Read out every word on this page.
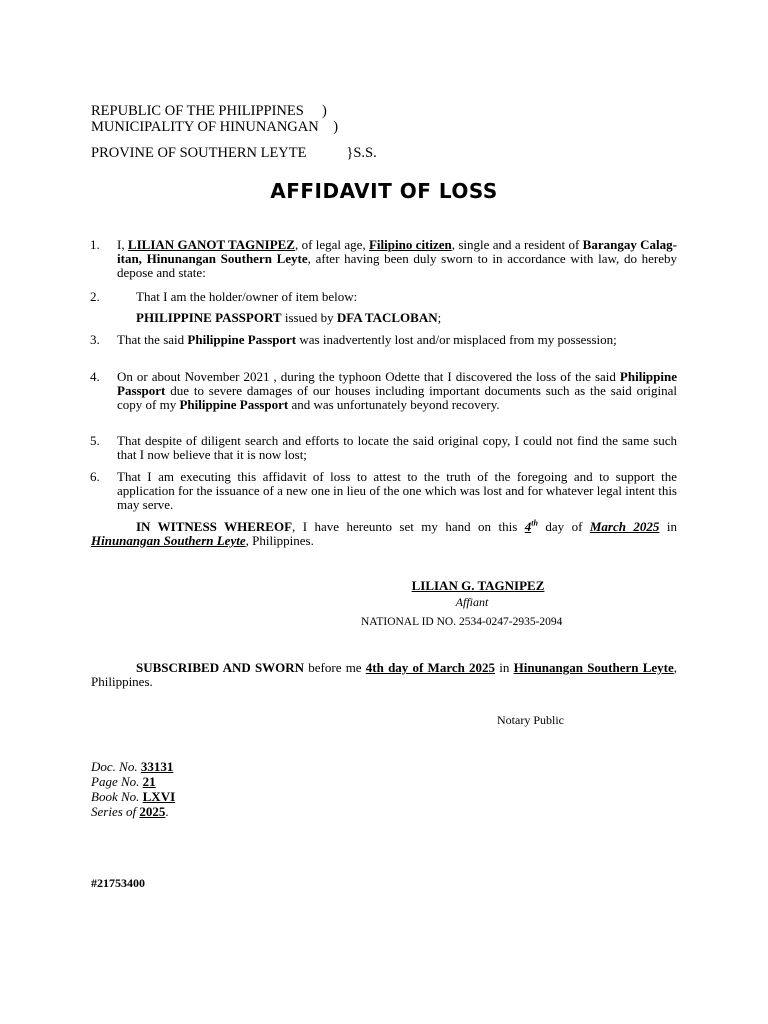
REPUBLIC OF THE PHILIPPINES     )
MUNICIPALITY OF HINUNANGAN    )
PROVINE OF SOUTHERN LEYTE           }S.S.
AFFIDAVIT OF LOSS
1.	I, LILIAN GANOT TAGNIPEZ, of legal age, Filipino citizen, single and a resident of Barangay Calag-itan, Hinunangan Southern Leyte, after having been duly sworn to in accordance with law, do hereby depose and state:
2.	That I am the holder/owner of item below:
PHILIPPINE PASSPORT issued by DFA TACLOBAN;
3.	That the said Philippine Passport was inadvertently lost and/or misplaced from my possession;
4.	On or about November 2021 , during the typhoon Odette that I discovered the loss of the said Philippine Passport due to severe damages of our houses including important documents such as the said original copy of my Philippine Passport and was unfortunately beyond recovery.
5.	That despite of diligent search and efforts to locate the said original copy, I could not find the same such that I now believe that it is now lost;
6.	That I am executing this affidavit of loss to attest to the truth of the foregoing and to support the application for the issuance of a new one in lieu of the one which was lost and for whatever legal intent this may serve.
IN WITNESS WHEREOF, I have hereunto set my hand on this 4th day of March 2025 in Hinunangan Southern Leyte, Philippines.
LILIAN G. TAGNIPEZ
Affiant
NATIONAL ID NO. 2534-0247-2935-2094
SUBSCRIBED AND SWORN before me 4th day of March 2025 in Hinunangan Southern Leyte, Philippines.
Notary Public
Doc. No. 33131
Page No. 21
Book No. LXVI
Series of 2025.
#21753400
